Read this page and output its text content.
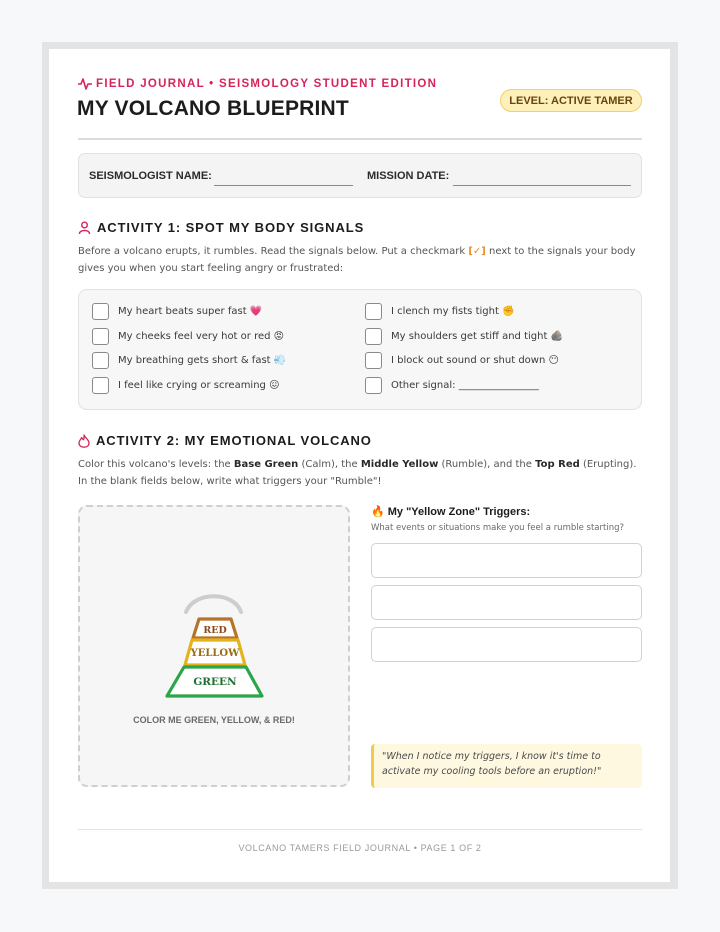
FIELD JOURNAL • SEISMOLOGY STUDENT EDITION
MY VOLCANO BLUEPRINT	LEVEL: ACTIVE TAMER
SEISMOLOGIST NAME:	MISSION DATE:
ACTIVITY 1: SPOT MY BODY SIGNALS
Before a volcano erupts, it rumbles. Read the signals below. Put a checkmark [✓] next to the signals your body gives you when you start feeling angry or frustrated:
My heart beats super fast 💗
My cheeks feel very hot or red 😡
My breathing gets short & fast 💨
I feel like crying or screaming 😖
I clench my fists tight ✊
My shoulders get stiff and tight 🪨
I block out sound or shut down 😶
Other signal: ________________
ACTIVITY 2: MY EMOTIONAL VOLCANO
Color this volcano's levels: the Base Green (Calm), the Middle Yellow (Rumble), and the Top Red (Erupting). In the blank fields below, write what triggers your "Rumble"!
RED
YELLOW
GREEN
COLOR ME GREEN, YELLOW, & RED!
🔥 My "Yellow Zone" Triggers:
What events or situations make you feel a rumble starting?
"When I notice my triggers, I know it's time to activate my cooling tools before an eruption!"
VOLCANO TAMERS FIELD JOURNAL • PAGE 1 OF 2
